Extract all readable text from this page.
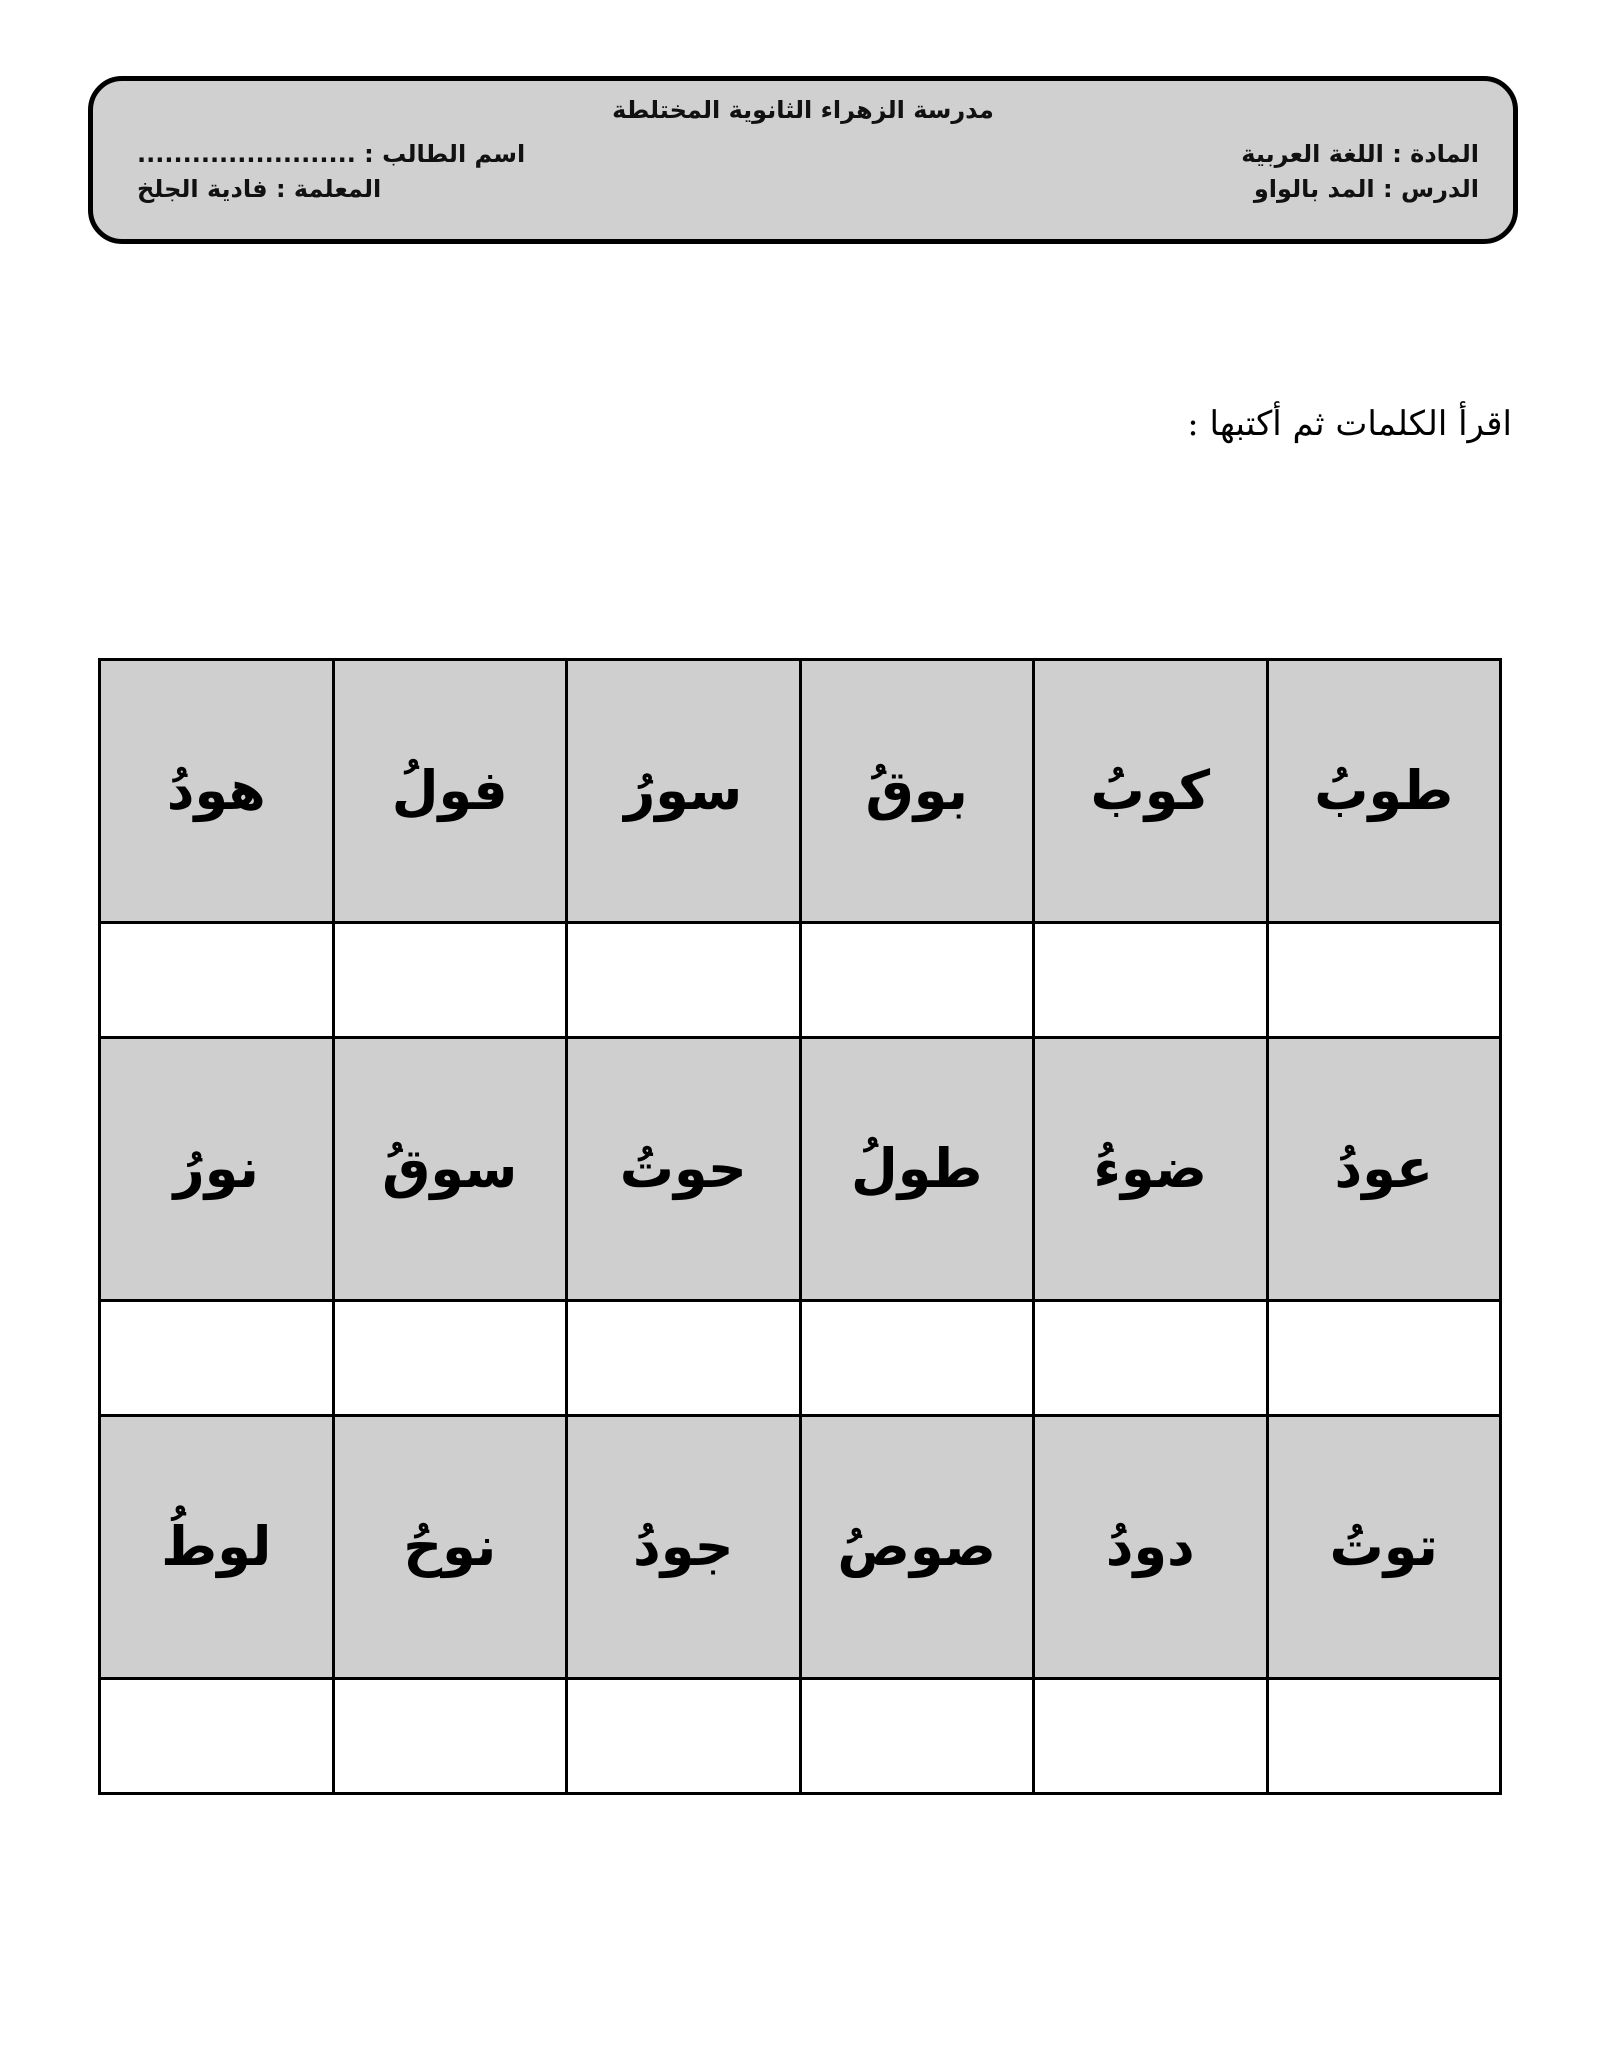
مدرسة الزهراء الثانوية المختلطة
المادة : اللغة العربية
اسم الطالب : ........................
الدرس : المد بالواو
المعلمة : فادية الجلخ
اقرأ الكلمات ثم أكتبها :
طوبُ	كوبُ	بوقُ	سورُ	فولُ	هودُ

عودُ	ضوءُ	طولُ	حوتُ	سوقُ	نورُ

توتُ	دودُ	صوصُ	جودُ	نوحُ	لوطُ
